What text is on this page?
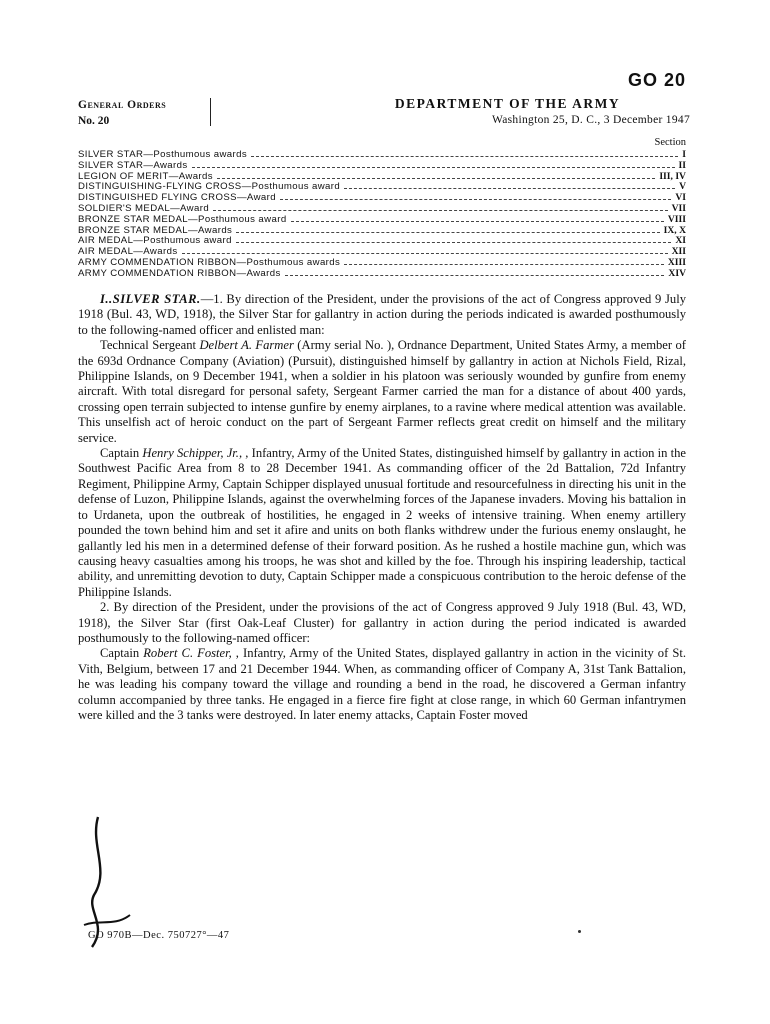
GO 20
General Orders
No. 20
DEPARTMENT OF THE ARMY
Washington 25, D. C., 3 December 1947
Section
SILVER STAR—Posthumous awards	I
SILVER STAR—Awards	II
LEGION OF MERIT—Awards	III, IV
DISTINGUISHING-FLYING CROSS—Posthumous award	V
DISTINGUISHED FLYING CROSS—Award	VI
SOLDIER'S MEDAL—Award	VII
BRONZE STAR MEDAL—Posthumous award	VIII
BRONZE STAR MEDAL—Awards	IX, X
AIR MEDAL—Posthumous award	XI
AIR MEDAL—Awards	XII
ARMY COMMENDATION RIBBON—Posthumous awards	XIII
ARMY COMMENDATION RIBBON—Awards	XIV

I..SILVER STAR.—1. By direction of the President, under the provisions of the act of Congress approved 9 July 1918 (Bul. 43, WD, 1918), the Silver Star for gallantry in action during the periods indicated is awarded posthumously to the following-named officer and enlisted man:

Technical Sergeant Delbert A. Farmer (Army serial No. ), Ordnance Department, United States Army, a member of the 693d Ordnance Company (Aviation) (Pursuit), distinguished himself by gallantry in action at Nichols Field, Rizal, Philippine Islands, on 9 December 1941, when a soldier in his platoon was seriously wounded by gunfire from enemy aircraft. With total disregard for personal safety, Sergeant Farmer carried the man for a distance of about 400 yards, crossing open terrain subjected to intense gunfire by enemy airplanes, to a ravine where medical attention was available. This unselfish act of heroic conduct on the part of Sergeant Farmer reflects great credit on himself and the military service.

Captain Henry Schipper, Jr., , Infantry, Army of the United States, distinguished himself by gallantry in action in the Southwest Pacific Area from 8 to 28 December 1941. As commanding officer of the 2d Battalion, 72d Infantry Regiment, Philippine Army, Captain Schipper displayed unusual fortitude and resourcefulness in directing his unit in the defense of Luzon, Philippine Islands, against the overwhelming forces of the Japanese invaders. Moving his battalion in to Urdaneta, upon the outbreak of hostilities, he engaged in 2 weeks of intensive training. When enemy artillery pounded the town behind him and set it afire and units on both flanks withdrew under the furious enemy onslaught, he gallantly led his men in a determined defense of their forward position. As he rushed a hostile machine gun, which was causing heavy casualties among his troops, he was shot and killed by the foe. Through his inspiring leadership, tactical ability, and unremitting devotion to duty, Captain Schipper made a conspicuous contribution to the heroic defense of the Philippine Islands.

2. By direction of the President, under the provisions of the act of Congress approved 9 July 1918 (Bul. 43, WD, 1918), the Silver Star (first Oak-Leaf Cluster) for gallantry in action during the period indicated is awarded posthumously to the following-named officer:

Captain Robert C. Foster, , Infantry, Army of the United States, displayed gallantry in action in the vicinity of St. Vith, Belgium, between 17 and 21 December 1944. When, as commanding officer of Company A, 31st Tank Battalion, he was leading his company toward the village and rounding a bend in the road, he discovered a German infantry column accompanied by three tanks. He engaged in a fierce fire fight at close range, in which 60 German infantrymen were killed and the 3 tanks were destroyed. In later enemy attacks, Captain Foster moved

GO 970B—Dec. 750727°—47
